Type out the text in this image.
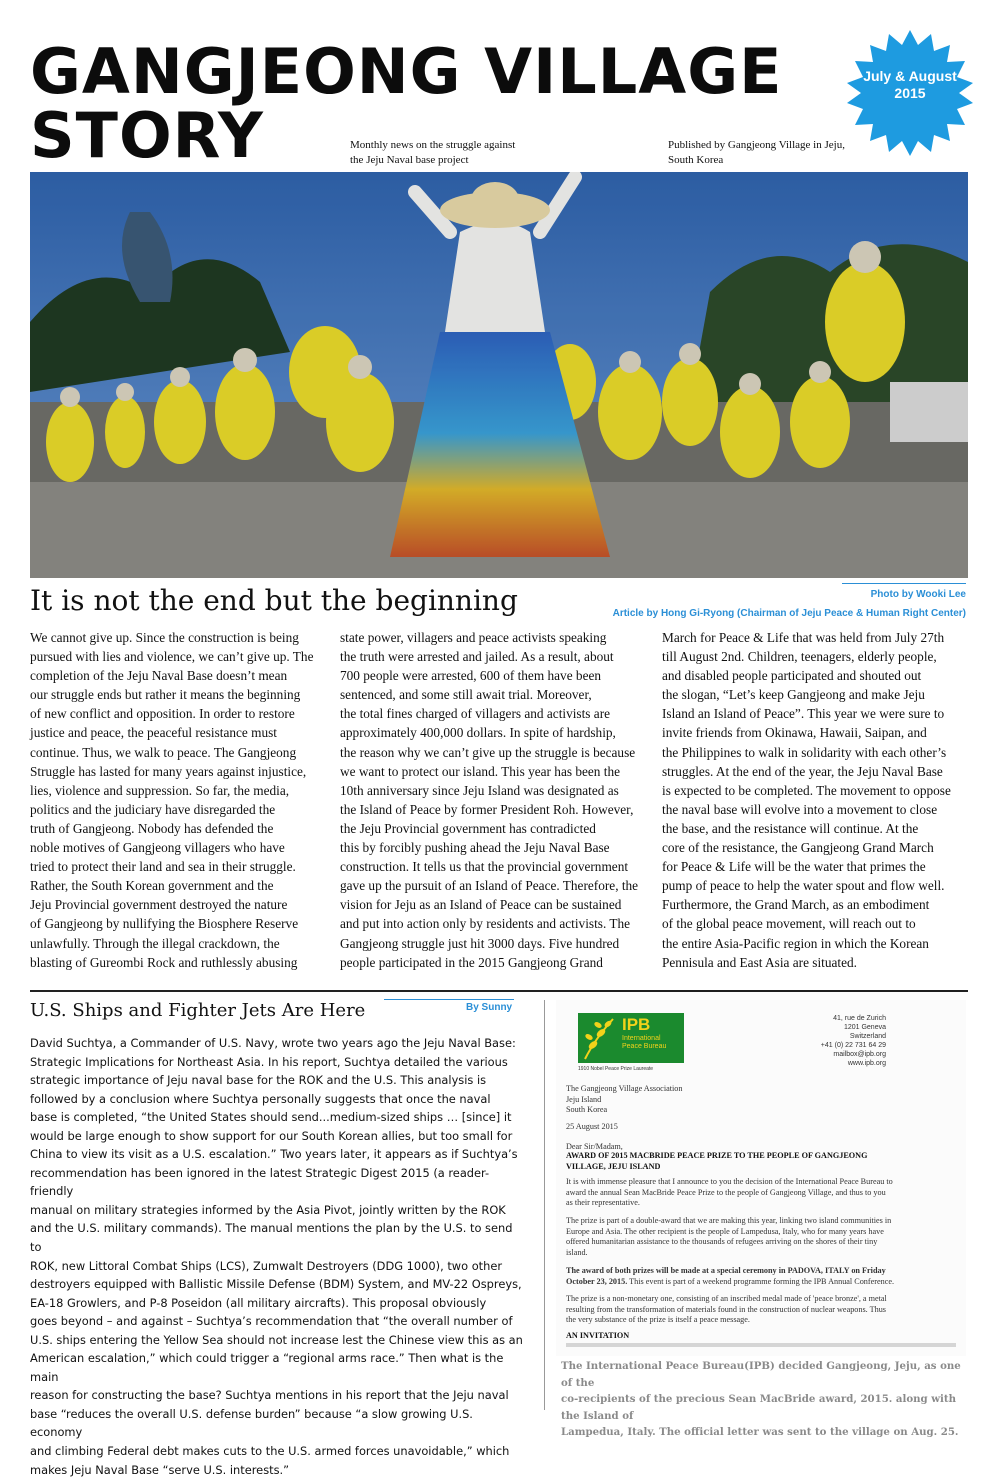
GANGJEONG VILLAGE
STORY
July & August
2015
Monthly news on the struggle against
the Jeju Naval base project
Published by Gangjeong Village in Jeju,
South Korea
Photo by Wooki Lee
Article by Hong Gi-Ryong (Chairman of Jeju Peace & Human Right Center)
It is not the end but the beginning
We cannot give up. Since the construction is being
pursued with lies and violence, we can’t give up. The
completion of the Jeju Naval Base doesn’t mean
our struggle ends but rather it means the beginning
of new conflict and opposition. In order to restore
justice and peace, the peaceful resistance must
continue. Thus, we walk to peace. The Gangjeong
Struggle has lasted for many years against injustice,
lies, violence and suppression. So far, the media,
politics and the judiciary have disregarded the
truth of Gangjeong. Nobody has defended the
noble motives of Gangjeong villagers who have
tried to protect their land and sea in their struggle.
Rather, the South Korean government and the
Jeju Provincial government destroyed the nature
of Gangjeong by nullifying the Biosphere Reserve
unlawfully. Through the illegal crackdown, the
blasting of Gureombi Rock and ruthlessly abusing
state power, villagers and peace activists speaking
the truth were arrested and jailed. As a result, about
700 people were arrested, 600 of them have been
sentenced, and some still await trial. Moreover,
the total fines charged of villagers and activists are
approximately 400,000 dollars. In spite of hardship,
the reason why we can’t give up the struggle is because
we want to protect our island. This year has been the
10th anniversary since Jeju Island was designated as
the Island of Peace by former President Roh. However,
the Jeju Provincial government has contradicted
this by forcibly pushing ahead the Jeju Naval Base
construction. It tells us that the provincial government
gave up the pursuit of an Island of Peace. Therefore, the
vision for Jeju as an Island of Peace can be sustained
and put into action only by residents and activists. The
Gangjeong struggle just hit 3000 days. Five hundred
people participated in the 2015 Gangjeong Grand
March for Peace & Life that was held from July 27th
till August 2nd. Children, teenagers, elderly people,
and disabled people participated and shouted out
the slogan, “Let’s keep Gangjeong and make Jeju
Island an Island of Peace”. This year we were sure to
invite friends from Okinawa, Hawaii, Saipan, and
the Philippines to walk in solidarity with each other’s
struggles. At the end of the year, the Jeju Naval Base
is expected to be completed. The movement to oppose
the naval base will evolve into a movement to close
the base, and the resistance will continue. At the
core of the resistance, the Gangjeong Grand March
for Peace & Life will be the water that primes the
pump of peace to help the water spout and flow well.
Furthermore, the Grand March, as an embodiment
of the global peace movement, will reach out to
the entire Asia-Pacific region in which the Korean
Pennisula and East Asia are situated.
U.S. Ships and Fighter Jets Are Here	By Sunny
David Suchtya, a Commander of U.S. Navy, wrote two years ago the Jeju Naval Base:
Strategic Implications for Northeast Asia. In his report, Suchtya detailed the various
strategic importance of Jeju naval base for the ROK and the U.S. This analysis is
followed by a conclusion where Suchtya personally suggests that once the naval
base is completed, “the United States should send...medium-sized ships … [since] it
would be large enough to show support for our South Korean allies, but too small for
China to view its visit as a U.S. escalation.” Two years later, it appears as if Suchtya’s
recommendation has been ignored in the latest Strategic Digest 2015 (a reader-friendly
manual on military strategies informed by the Asia Pivot, jointly written by the ROK
and the U.S. military commands). The manual mentions the plan by the U.S. to send to
ROK, new Littoral Combat Ships (LCS), Zumwalt Destroyers (DDG 1000), two other
destroyers equipped with Ballistic Missile Defense (BDM) System, and MV-22 Ospreys,
EA-18 Growlers, and P-8 Poseidon (all military aircrafts). This proposal obviously
goes beyond – and against – Suchtya’s recommendation that “the overall number of
U.S. ships entering the Yellow Sea should not increase lest the Chinese view this as an
American escalation,” which could trigger a “regional arms race.” Then what is the main
reason for constructing the base? Suchtya mentions in his report that the Jeju naval
base “reduces the overall U.S. defense burden” because “a slow growing U.S. economy
and climbing Federal debt makes cuts to the U.S. armed forces unavoidable,” which
makes Jeju Naval Base “serve U.S. interests.”
IPB
International
Peace Bureau
1910 Nobel Peace Prize Laureate
41, rue de Zurich
1201 Geneva
Switzerland
+41 (0) 22 731 64 29
mailbox@ipb.org
www.ipb.org
The Gangjeong Village Association
Jeju Island
South Korea
25 August 2015
Dear Sir/Madam,
AWARD OF 2015 MACBRIDE PEACE PRIZE TO THE PEOPLE OF GANGJEONG
VILLAGE, JEJU ISLAND
It is with immense pleasure that I announce to you the decision of the International Peace Bureau to
award the annual Sean MacBride Peace Prize to the people of Gangjeong Village, and thus to you
as their representative.
The prize is part of a double-award that we are making this year, linking two island communities in
Europe and Asia. The other recipient is the people of Lampedusa, Italy, who for many years have
offered humanitarian assistance to the thousands of refugees arriving on the shores of their tiny
island.
The award of both prizes will be made at a special ceremony in PADOVA, ITALY on Friday
October 23, 2015. This event is part of a weekend programme forming the IPB Annual Conference.
The prize is a non-monetary one, consisting of an inscribed medal made of 'peace bronze', a metal
resulting from the transformation of materials found in the construction of nuclear weapons. Thus
the very substance of the prize is itself a peace message.
AN INVITATION
The International Peace Bureau(IPB) decided Gangjeong, Jeju, as one of the
co-recipients of the precious Sean MacBride award, 2015. along with the Island of
Lampedua, Italy. The official letter was sent to the village on Aug. 25.
